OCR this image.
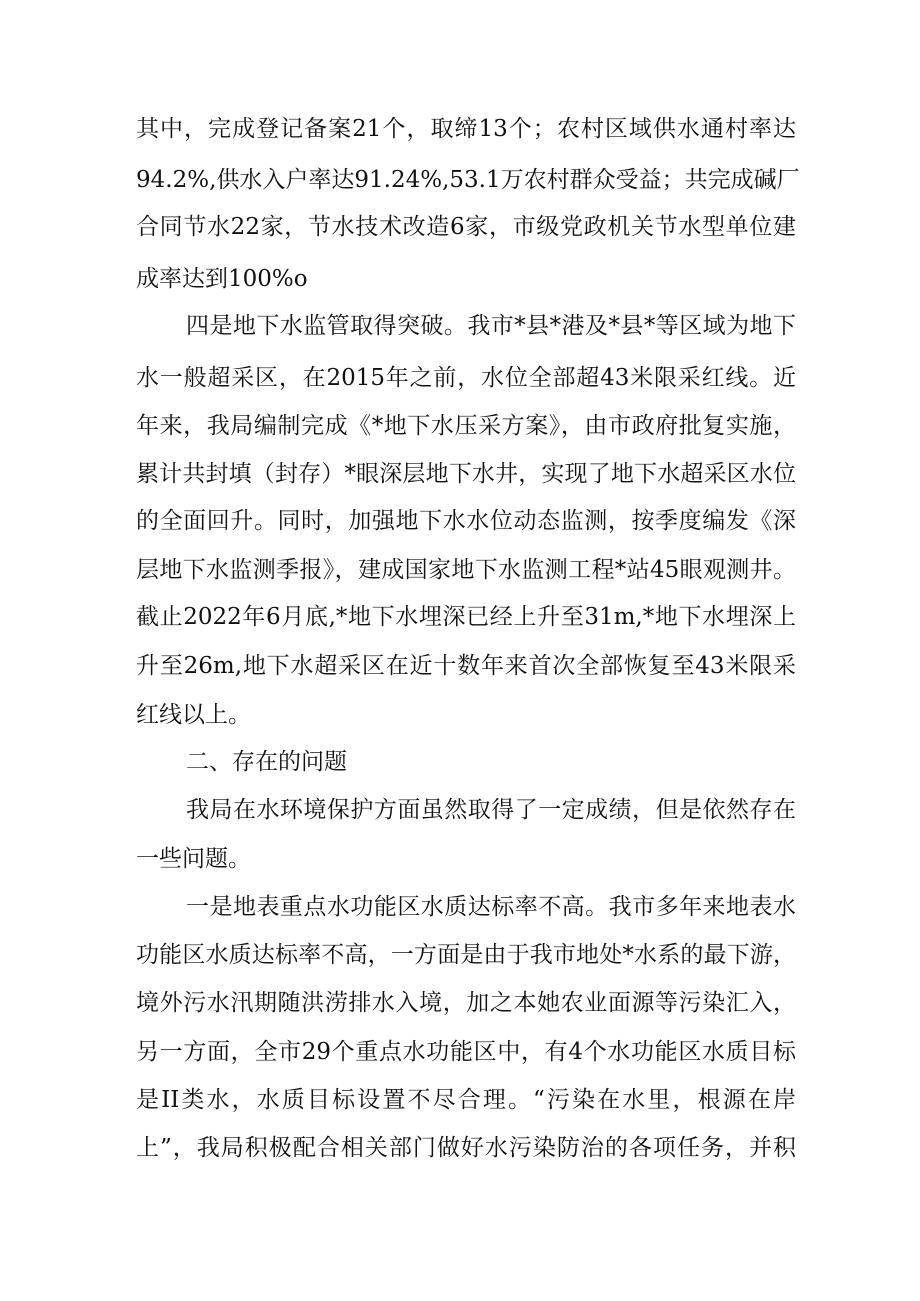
其中，完成登记备案21个，取缔13个；农村区域供水通村率达
94.2%,供水入户率达91.24%,53.1万农村群众受益；共完成碱厂
合同节水22家，节水技术改造6家，市级党政机关节水型单位建
成率达到100%o
四是地下水监管取得突破。我市*县*港及*县*等区域为地下
水一般超采区，在2015年之前，水位全部超43米限采红线。近
年来，我局编制完成《*地下水压采方案》，由市政府批复实施，
累计共封填（封存）*眼深层地下水井，实现了地下水超采区水位
的全面回升。同时，加强地下水水位动态监测，按季度编发《深
层地下水监测季报》，建成国家地下水监测工程*站45眼观测井。
截止2022年6月底,*地下水埋深已经上升至31m,*地下水埋深上
升至26m,地下水超采区在近十数年来首次全部恢复至43米限采
红线以上。
二、存在的问题
我局在水环境保护方面虽然取得了一定成绩，但是依然存在
一些问题。
一是地表重点水功能区水质达标率不高。我市多年来地表水
功能区水质达标率不高，一方面是由于我市地处*水系的最下游，
境外污水汛期随洪涝排水入境，加之本她农业面源等污染汇入，
另一方面，全市29个重点水功能区中，有4个水功能区水质目标
是II类水，水质目标设置不尽合理。“污染在水里，根源在岸
上”，我局积极配合相关部门做好水污染防治的各项任务，并积
